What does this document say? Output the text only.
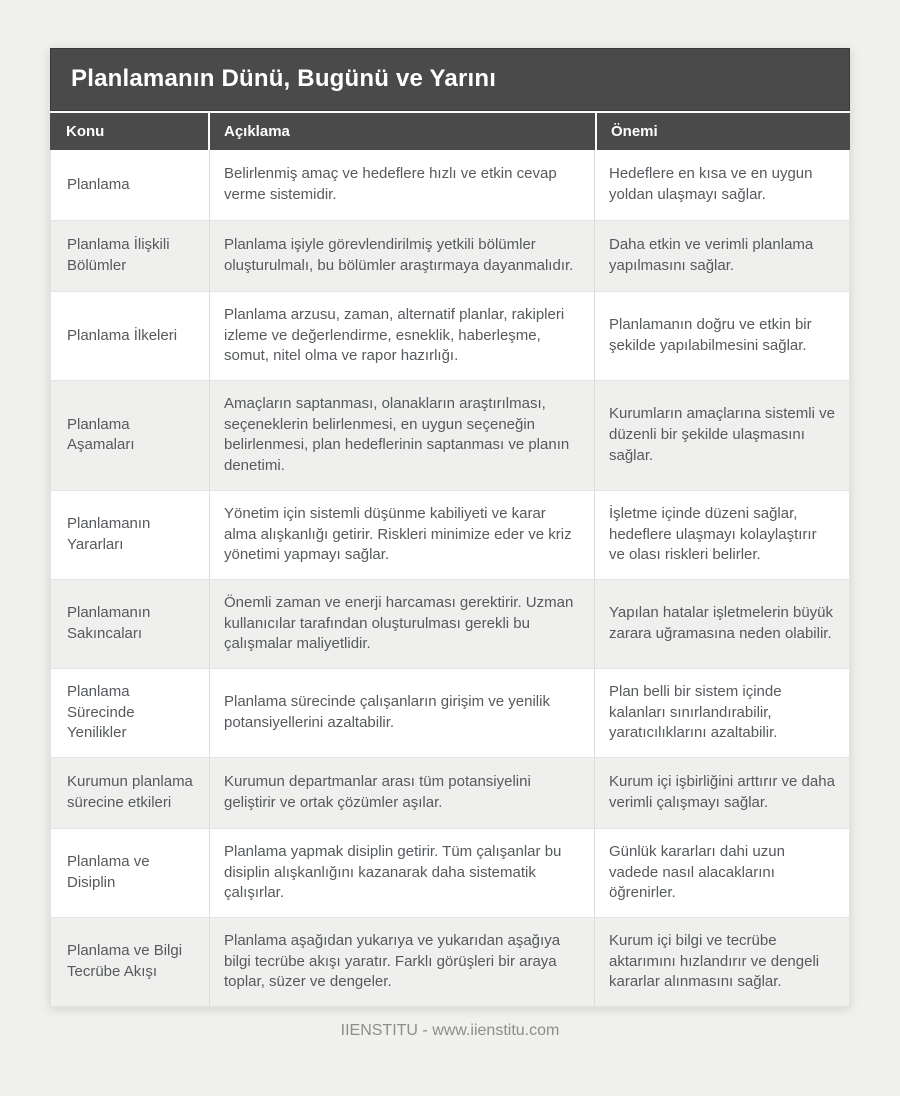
Planlamanın Dünü, Bugünü ve Yarını
Konu	Açıklama	Önemi
Planlama
Belirlenmiş amaç ve hedeflere hızlı ve etkin cevap verme sistemidir.
Hedeflere en kısa ve en uygun yoldan ulaşmayı sağlar.
Planlama İlişkili Bölümler
Planlama işiyle görevlendirilmiş yetkili bölümler oluşturulmalı, bu bölümler araştırmaya dayanmalıdır.
Daha etkin ve verimli planlama yapılmasını sağlar.
Planlama İlkeleri
Planlama arzusu, zaman, alternatif planlar, rakipleri izleme ve değerlendirme, esneklik, haberleşme, somut, nitel olma ve rapor hazırlığı.
Planlamanın doğru ve etkin bir şekilde yapılabilmesini sağlar.
Planlama Aşamaları
Amaçların saptanması, olanakların araştırılması, seçeneklerin belirlenmesi, en uygun seçeneğin belirlenmesi, plan hedeflerinin saptanması ve planın denetimi.
Kurumların amaçlarına sistemli ve düzenli bir şekilde ulaşmasını sağlar.
Planlamanın Yararları
Yönetim için sistemli düşünme kabiliyeti ve karar alma alışkanlığı getirir. Riskleri minimize eder ve kriz yönetimi yapmayı sağlar.
İşletme içinde düzeni sağlar, hedeflere ulaşmayı kolaylaştırır ve olası riskleri belirler.
Planlamanın Sakıncaları
Önemli zaman ve enerji harcaması gerektirir. Uzman kullanıcılar tarafından oluşturulması gerekli bu çalışmalar maliyetlidir.
Yapılan hatalar işletmelerin büyük zarara uğramasına neden olabilir.
Planlama Sürecinde Yenilikler
Planlama sürecinde çalışanların girişim ve yenilik potansiyellerini azaltabilir.
Plan belli bir sistem içinde kalanları sınırlandırabilir, yaratıcılıklarını azaltabilir.
Kurumun planlama sürecine etkileri
Kurumun departmanlar arası tüm potansiyelini geliştirir ve ortak çözümler aşılar.
Kurum içi işbirliğini arttırır ve daha verimli çalışmayı sağlar.
Planlama ve Disiplin
Planlama yapmak disiplin getirir. Tüm çalışanlar bu disiplin alışkanlığını kazanarak daha sistematik çalışırlar.
Günlük kararları dahi uzun vadede nasıl alacaklarını öğrenirler.
Planlama ve Bilgi Tecrübe Akışı
Planlama aşağıdan yukarıya ve yukarıdan aşağıya bilgi tecrübe akışı yaratır. Farklı görüşleri bir araya toplar, süzer ve dengeler.
Kurum içi bilgi ve tecrübe aktarımını hızlandırır ve dengeli kararlar alınmasını sağlar.
IIENSTITU - www.iienstitu.com
